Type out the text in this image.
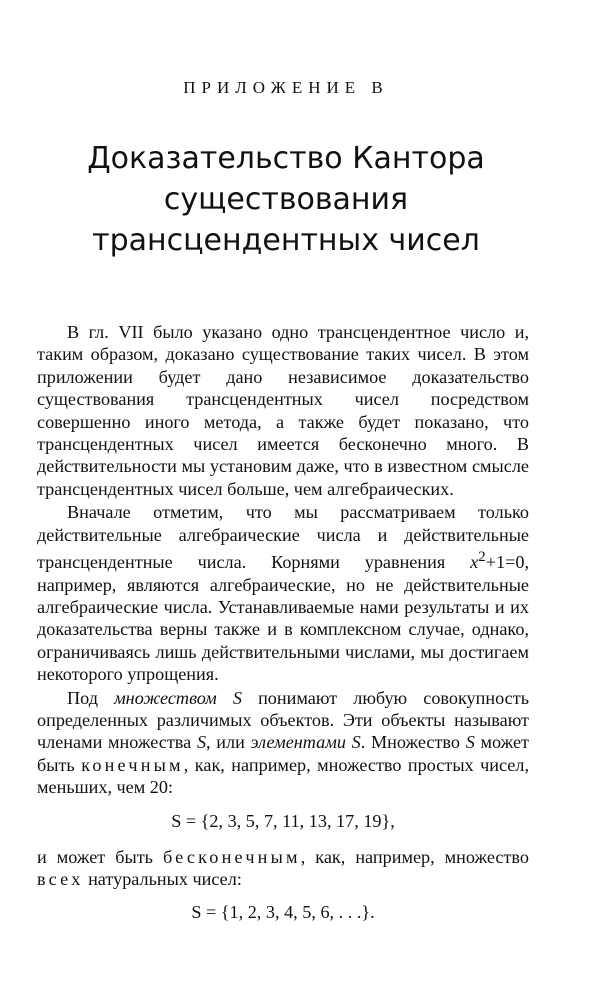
ПРИЛОЖЕНИЕ В
Доказательство Кантора
существования
трансцендентных чисел

В гл. VII было указано одно трансцендентное число и, таким образом, доказано существование таких чисел. В этом приложении будет дано независимое доказательство существования трансцендентных чисел посредством совершенно иного метода, а также будет показано, что трансцендентных чисел имеется бесконечно много. В действительности мы установим даже, что в известном смысле трансцендентных чисел больше, чем алгебраических.

Вначале отметим, что мы рассматриваем только действительные алгебраические числа и действительные трансцендентные числа. Корнями уравнения $x^2+1=0$, например, являются алгебраические, но не действительные алгебраические числа. Устанавливаемые нами результаты и их доказательства верны также и в комплексном случае, однако, ограничиваясь лишь действительными числами, мы достигаем некоторого упрощения.

Под множеством S понимают любую совокупность определенных различимых объектов. Эти объекты называют членами множества S, или элементами S. Множество S может быть конечным, как, например, множество простых чисел, меньших, чем 20:

S = {2, 3, 5, 7, 11, 13, 17, 19},

и может быть бесконечным, как, например, множество всех натуральных чисел:

S = {1, 2, 3, 4, 5, 6, . . .}.
